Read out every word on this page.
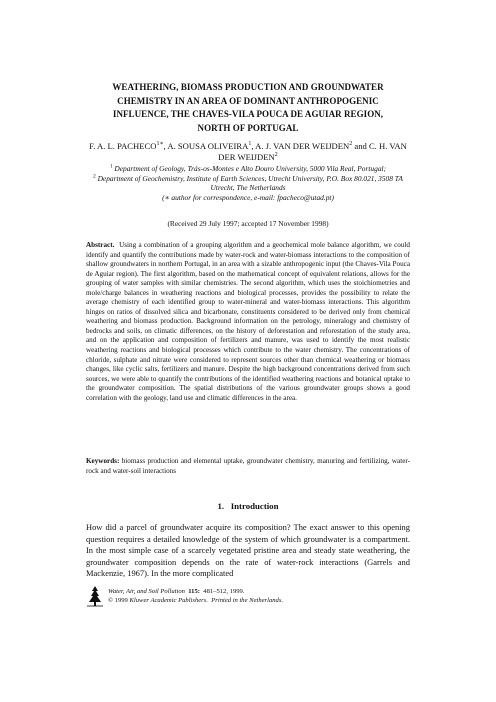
WEATHERING, BIOMASS PRODUCTION AND GROUNDWATER CHEMISTRY IN AN AREA OF DOMINANT ANTHROPOGENIC INFLUENCE, THE CHAVES-VILA POUCA DE AGUIAR REGION, NORTH OF PORTUGAL
F. A. L. $PACHECO^{1∗}$, A. SOUSA OLIVEIRA$^1$, A. J. VAN DER WEIJDEN$^2$ and C. H. VAN DER WEIJDEN$^2$
$^1$ Department of Geology, Trás-os-Montes e Alto Douro University, 5000 Vila Real, Portugal;
$^2$ Department of Geochemistry, Institute of Earth Sciences, Utrecht University, P.O. Box 80.021, 3508 TA Utrecht, The Netherlands
(∗ author for correspondence, e-mail: fpacheco@utad.pt)
(Received 29 July 1997; accepted 17 November 1998)
Abstract. Using a combination of a grouping algorithm and a geochemical mole balance algorithm, we could identify and quantify the contributions made by water-rock and water-biomass interactions to the composition of shallow groundwaters in northern Portugal, in an area with a sizable anthropogenic input (the Chaves-Vila Pouca de Aguiar region). The first algorithm, based on the mathematical concept of equivalent relations, allows for the grouping of water samples with similar chemistries. The second algorithm, which uses the stoichiometries and mole/charge balances in weathering reactions and biological processes, provides the possibility to relate the average chemistry of each identified group to water-mineral and water-biomass interactions. This algorithm hinges on ratios of dissolved silica and bicarbonate, constituents considered to be derived only from chemical weathering and biomass production. Background information on the petrology, mineralogy and chemistry of bedrocks and soils, on climatic differences, on the history of deforestation and reforestation of the study area, and on the application and composition of fertilizers and manure, was used to identify the most realistic weathering reactions and biological processes which contribute to the water chemistry. The concentrations of chloride, sulphate and nitrate were considered to represent sources other than chemical weathering or biomass changes, like cyclic salts, fertilizers and manure. Despite the high background concentrations derived from such sources, we were able to quantify the contributions of the identified weathering reactions and botanical uptake to the groundwater composition. The spatial distributions of the various groundwater groups shows a good correlation with the geology, land use and climatic differences in the area.
Keywords: biomass production and elemental uptake, groundwater chemistry, manuring and fertilizing, water-rock and water-soil interactions
1. Introduction
How did a parcel of groundwater acquire its composition? The exact answer to this opening question requires a detailed knowledge of the system of which groundwater is a compartment. In the most simple case of a scarcely vegetated pristine area and steady state weathering, the groundwater composition depends on the rate of water-rock interactions (Garrels and Mackenzie, 1967). In the more complicated
Water, Air, and Soil Pollution 115: 481–512, 1999.
© 1999 Kluwer Academic Publishers. Printed in the Netherlands.
